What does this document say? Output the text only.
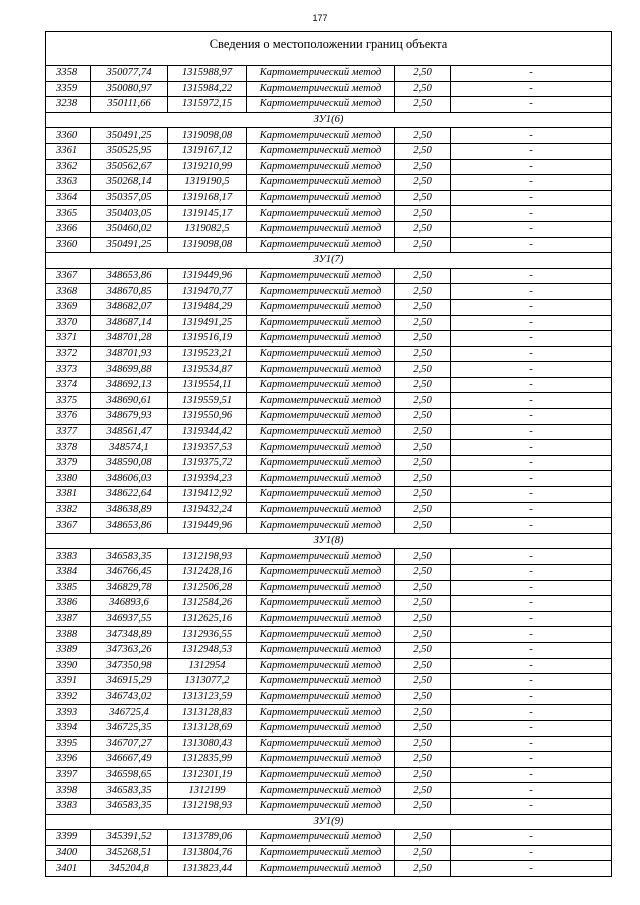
177
Сведения о местоположении границ объекта					
3358	350077,74	1315988,97	Картометрический метод	2,50	-
3359	350080,97	1315984,22	Картометрический метод	2,50	-
3238	350111,66	1315972,15	Картометрический метод	2,50	-
ЗУ1(6)					
3360	350491,25	1319098,08	Картометрический метод	2,50	-
3361	350525,95	1319167,12	Картометрический метод	2,50	-
3362	350562,67	1319210,99	Картометрический метод	2,50	-
3363	350268,14	1319190,5	Картометрический метод	2,50	-
3364	350357,05	1319168,17	Картометрический метод	2,50	-
3365	350403,05	1319145,17	Картометрический метод	2,50	-
3366	350460,02	1319082,5	Картометрический метод	2,50	-
3360	350491,25	1319098,08	Картометрический метод	2,50	-
ЗУ1(7)					
3367	348653,86	1319449,96	Картометрический метод	2,50	-
3368	348670,85	1319470,77	Картометрический метод	2,50	-
3369	348682,07	1319484,29	Картометрический метод	2,50	-
3370	348687,14	1319491,25	Картометрический метод	2,50	-
3371	348701,28	1319516,19	Картометрический метод	2,50	-
3372	348701,93	1319523,21	Картометрический метод	2,50	-
3373	348699,88	1319534,87	Картометрический метод	2,50	-
3374	348692,13	1319554,11	Картометрический метод	2,50	-
3375	348690,61	1319559,51	Картометрический метод	2,50	-
3376	348679,93	1319550,96	Картометрический метод	2,50	-
3377	348561,47	1319344,42	Картометрический метод	2,50	-
3378	348574,1	1319357,53	Картометрический метод	2,50	-
3379	348590,08	1319375,72	Картометрический метод	2,50	-
3380	348606,03	1319394,23	Картометрический метод	2,50	-
3381	348622,64	1319412,92	Картометрический метод	2,50	-
3382	348638,89	1319432,24	Картометрический метод	2,50	-
3367	348653,86	1319449,96	Картометрический метод	2,50	-
ЗУ1(8)					
3383	346583,35	1312198,93	Картометрический метод	2,50	-
3384	346766,45	1312428,16	Картометрический метод	2,50	-
3385	346829,78	1312506,28	Картометрический метод	2,50	-
3386	346893,6	1312584,26	Картометрический метод	2,50	-
3387	346937,55	1312625,16	Картометрический метод	2,50	-
3388	347348,89	1312936,55	Картометрический метод	2,50	-
3389	347363,26	1312948,53	Картометрический метод	2,50	-
3390	347350,98	1312954	Картометрический метод	2,50	-
3391	346915,29	1313077,2	Картометрический метод	2,50	-
3392	346743,02	1313123,59	Картометрический метод	2,50	-
3393	346725,4	1313128,83	Картометрический метод	2,50	-
3394	346725,35	1313128,69	Картометрический метод	2,50	-
3395	346707,27	1313080,43	Картометрический метод	2,50	-
3396	346667,49	1312835,99	Картометрический метод	2,50	-
3397	346598,65	1312301,19	Картометрический метод	2,50	-
3398	346583,35	1312199	Картометрический метод	2,50	-
3383	346583,35	1312198,93	Картометрический метод	2,50	-
ЗУ1(9)					
3399	345391,52	1313789,06	Картометрический метод	2,50	-
3400	345268,51	1313804,76	Картометрический метод	2,50	-
3401	345204,8	1313823,44	Картометрический метод	2,50	-
